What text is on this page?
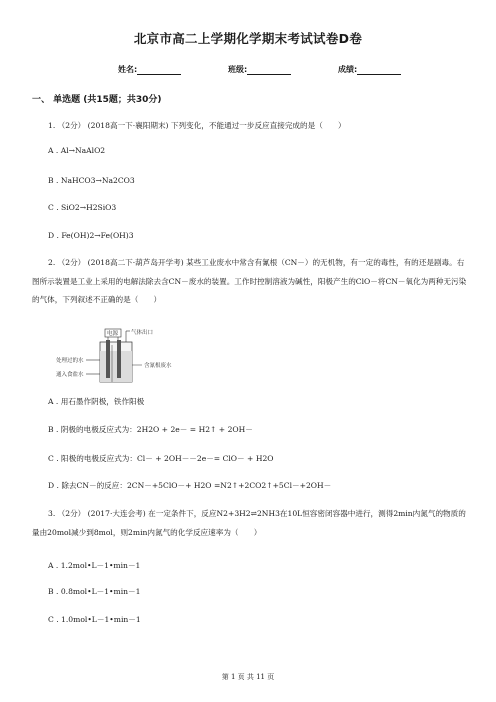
北京市高二上学期化学期末考试试卷D卷
姓名:	班级:	成绩:
一、 单选题 (共15题；共30分)
1. （2分） (2018高一下·襄阳期末) 下列变化，不能通过一步反应直接完成的是（　　）
A . Al→NaAlO2
B . NaHCO3→Na2CO3
C . SiO2→H2SiO3
D . Fe(OH)2→Fe(OH)3
2. （2分） (2018高二下·葫芦岛开学考) 某些工业废水中常含有氰根（CN－）的无机物，有一定的毒性，有的还是剧毒。右图所示装置是工业上采用的电解法除去含CN－废水的装置。工作时控制溶液为碱性，阳极产生的ClO－将CN－氧化为两种无污染的气体，下列叙述不正确的是（　　）
电源 气体出口
处理过的水
通入食盐水
含氰根废水
A . 用石墨作阴极，铁作阳极
B . 阴极的电极反应式为：2H2O + 2e－ = H2↑ + 2OH－
C . 阳极的电极反应式为：Cl－ + 2OH－－2e－= ClO－ + H2O
D . 除去CN－的反应：2CN－+5ClO－+ H2O =N2↑+2CO2↑+5Cl－+2OH－
3. （2分） (2017·大连会考) 在一定条件下，反应N2+3H2⇌2NH3在10L恒容密闭容器中进行，测得2min内氮气的物质的量由20mol减少到8mol，则2min内氮气的化学反应速率为（　　）
A . 1.2mol•L－1•min－1
B . 0.8mol•L－1•min－1
C . 1.0mol•L－1•min－1
第 1 页 共 11 页
